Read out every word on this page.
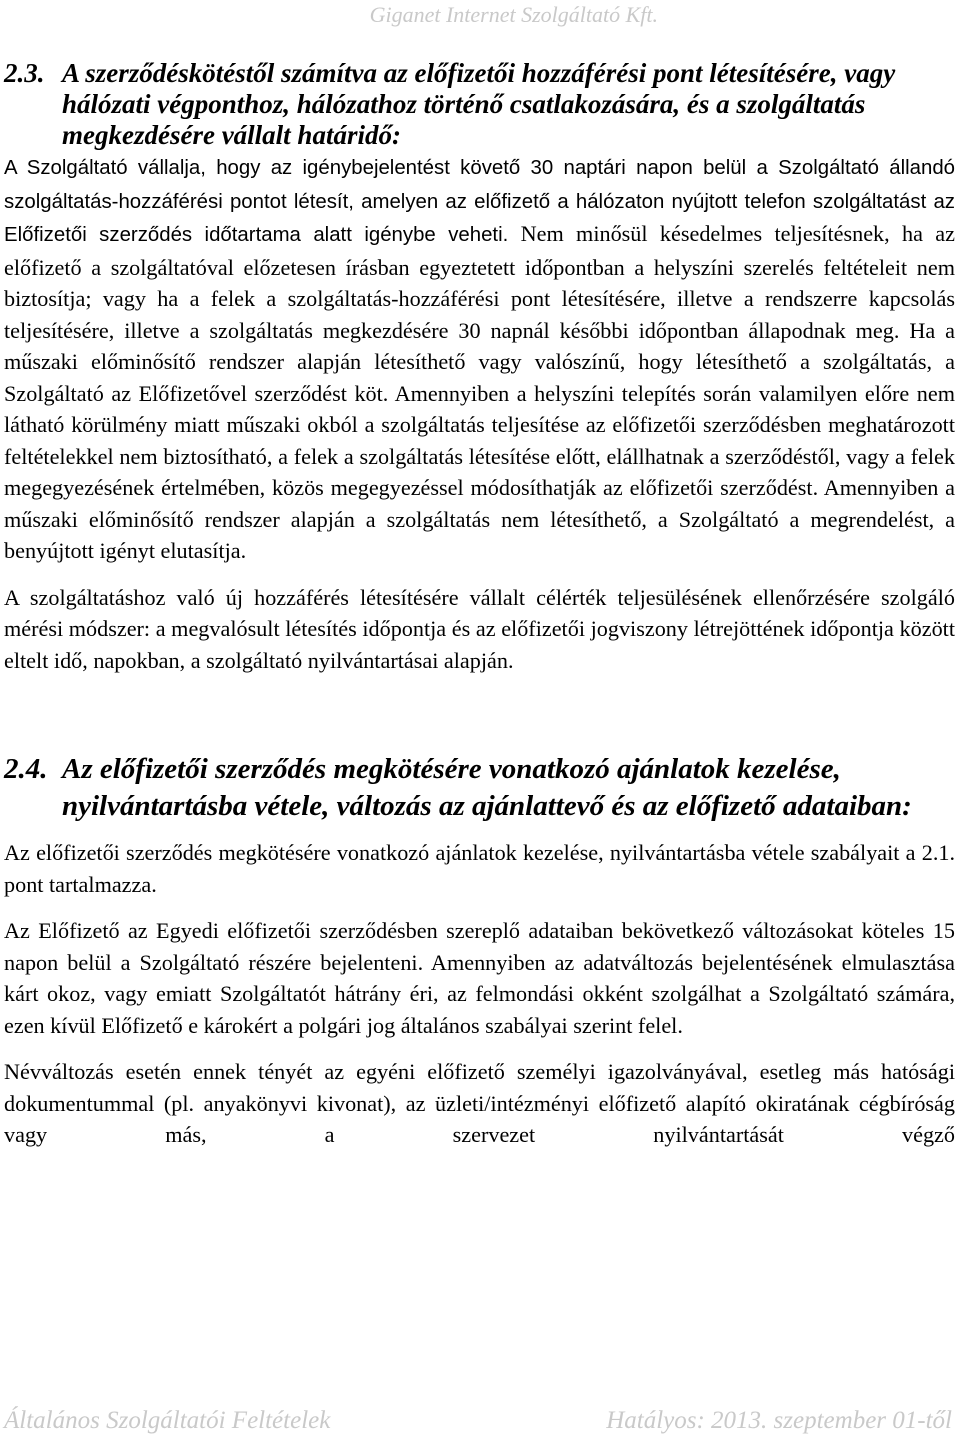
Giganet Internet Szolgáltató Kft.
2.3. A szerződéskötéstől számítva az előfizetői hozzáférési pont létesítésére, vagy hálózati végponthoz, hálózathoz történő csatlakozására, és a szolgáltatás megkezdésére vállalt határidő:

A Szolgáltató vállalja, hogy az igénybejelentést követő 30 naptári napon belül a Szolgáltató állandó szolgáltatás-hozzáférési pontot létesít, amelyen az előfizető a hálózaton nyújtott telefon szolgáltatást az Előfizetői szerződés időtartama alatt igénybe veheti. Nem minősül késedelmes teljesítésnek, ha az előfizető a szolgáltatóval előzetesen írásban egyeztetett időpontban a helyszíni szerelés feltételeit nem biztosítja; vagy ha a felek a szolgáltatás-hozzáférési pont létesítésére, illetve a rendszerre kapcsolás teljesítésére, illetve a szolgáltatás megkezdésére 30 napnál későbbi időpontban állapodnak meg. Ha a műszaki előminősítő rendszer alapján létesíthető vagy valószínű, hogy létesíthető a szolgáltatás, a Szolgáltató az Előfizetővel szerződést köt. Amennyiben a helyszíni telepítés során valamilyen előre nem látható körülmény miatt műszaki okból a szolgáltatás teljesítése az előfizetői szerződésben meghatározott feltételekkel nem biztosítható, a felek a szolgáltatás létesítése előtt, elállhatnak a szerződéstől, vagy a felek megegyezésének értelmében, közös megegyezéssel módosíthatják az előfizetői szerződést. Amennyiben a műszaki előminősítő rendszer alapján a szolgáltatás nem létesíthető, a Szolgáltató a megrendelést, a benyújtott igényt elutasítja.

A szolgáltatáshoz való új hozzáférés létesítésére vállalt célérték teljesülésének ellenőrzésére szolgáló mérési módszer: a megvalósult létesítés időpontja és az előfizetői jogviszony létrejöttének időpontja között eltelt idő, napokban, a szolgáltató nyilvántartásai alapján.

2.4. Az előfizetői szerződés megkötésére vonatkozó ajánlatok kezelése, nyilvántartásba vétele, változás az ajánlattevő és az előfizető adataiban:

Az előfizetői szerződés megkötésére vonatkozó ajánlatok kezelése, nyilvántartásba vétele szabályait a 2.1. pont tartalmazza.

Az Előfizető az Egyedi előfizetői szerződésben szereplő adataiban bekövetkező változásokat köteles 15 napon belül a Szolgáltató részére bejelenteni. Amennyiben az adatváltozás bejelentésének elmulasztása kárt okoz, vagy emiatt Szolgáltatót hátrány éri, az felmondási okként szolgálhat a Szolgáltató számára, ezen kívül Előfizető e károkért a polgári jog általános szabályai szerint felel.

Névváltozás esetén ennek tényét az egyéni előfizető személyi igazolványával, esetleg más hatósági dokumentummal (pl. anyakönyvi kivonat), az üzleti/intézményi előfizető alapító okiratának cégbíróság vagy más, a szervezet nyilvántartását végző

Általános Szolgáltatói Feltételek	Hatályos: 2013. szeptember 01-től
